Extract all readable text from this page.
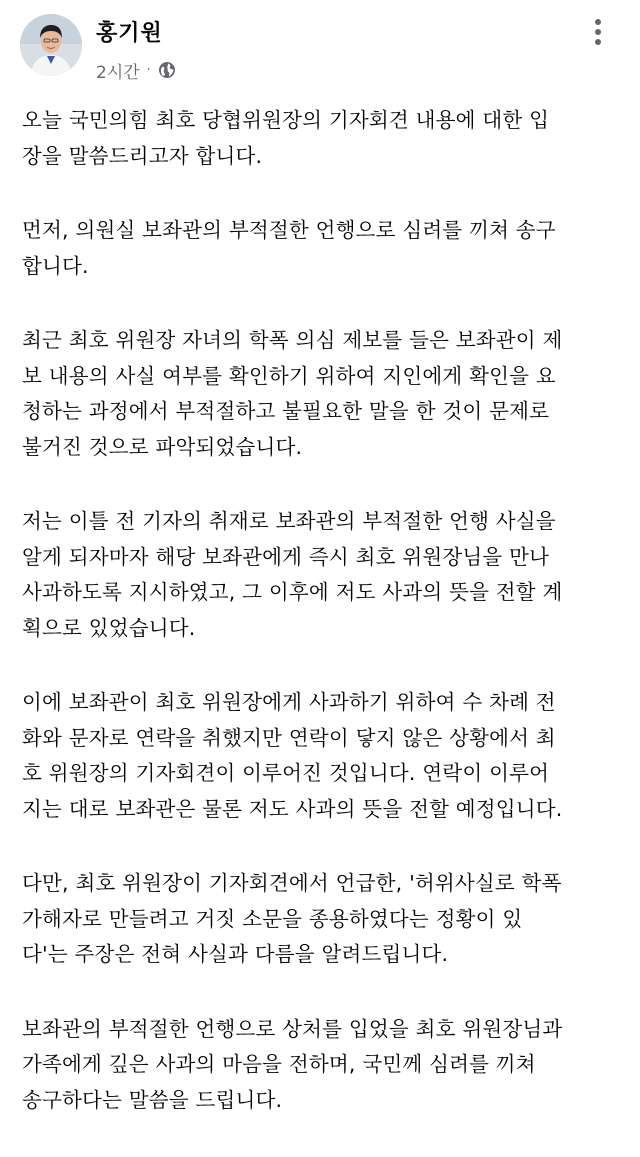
홍기원
2시간 ·

오늘 국민의힘 최호 당협위원장의 기자회견 내용에 대한 입
장을 말씀드리고자 합니다.

먼저, 의원실 보좌관의 부적절한 언행으로 심려를 끼쳐 송구
합니다.

최근 최호 위원장 자녀의 학폭 의심 제보를 들은 보좌관이 제
보 내용의 사실 여부를 확인하기 위하여 지인에게 확인을 요
청하는 과정에서 부적절하고 불필요한 말을 한 것이 문제로
불거진 것으로 파악되었습니다.

저는 이틀 전 기자의 취재로 보좌관의 부적절한 언행 사실을
알게 되자마자 해당 보좌관에게 즉시 최호 위원장님을 만나
사과하도록 지시하였고, 그 이후에 저도 사과의 뜻을 전할 계
획으로 있었습니다.

이에 보좌관이 최호 위원장에게 사과하기 위하여 수 차례 전
화와 문자로 연락을 취했지만 연락이 닿지 않은 상황에서 최
호 위원장의 기자회견이 이루어진 것입니다. 연락이 이루어
지는 대로 보좌관은 물론 저도 사과의 뜻을 전할 예정입니다.

다만, 최호 위원장이 기자회견에서 언급한, '허위사실로 학폭
가해자로 만들려고 거짓 소문을 종용하였다는 정황이 있
다'는 주장은 전혀 사실과 다름을 알려드립니다.

보좌관의 부적절한 언행으로 상처를 입었을 최호 위원장님과
가족에게 깊은 사과의 마음을 전하며, 국민께 심려를 끼쳐
송구하다는 말씀을 드립니다.
